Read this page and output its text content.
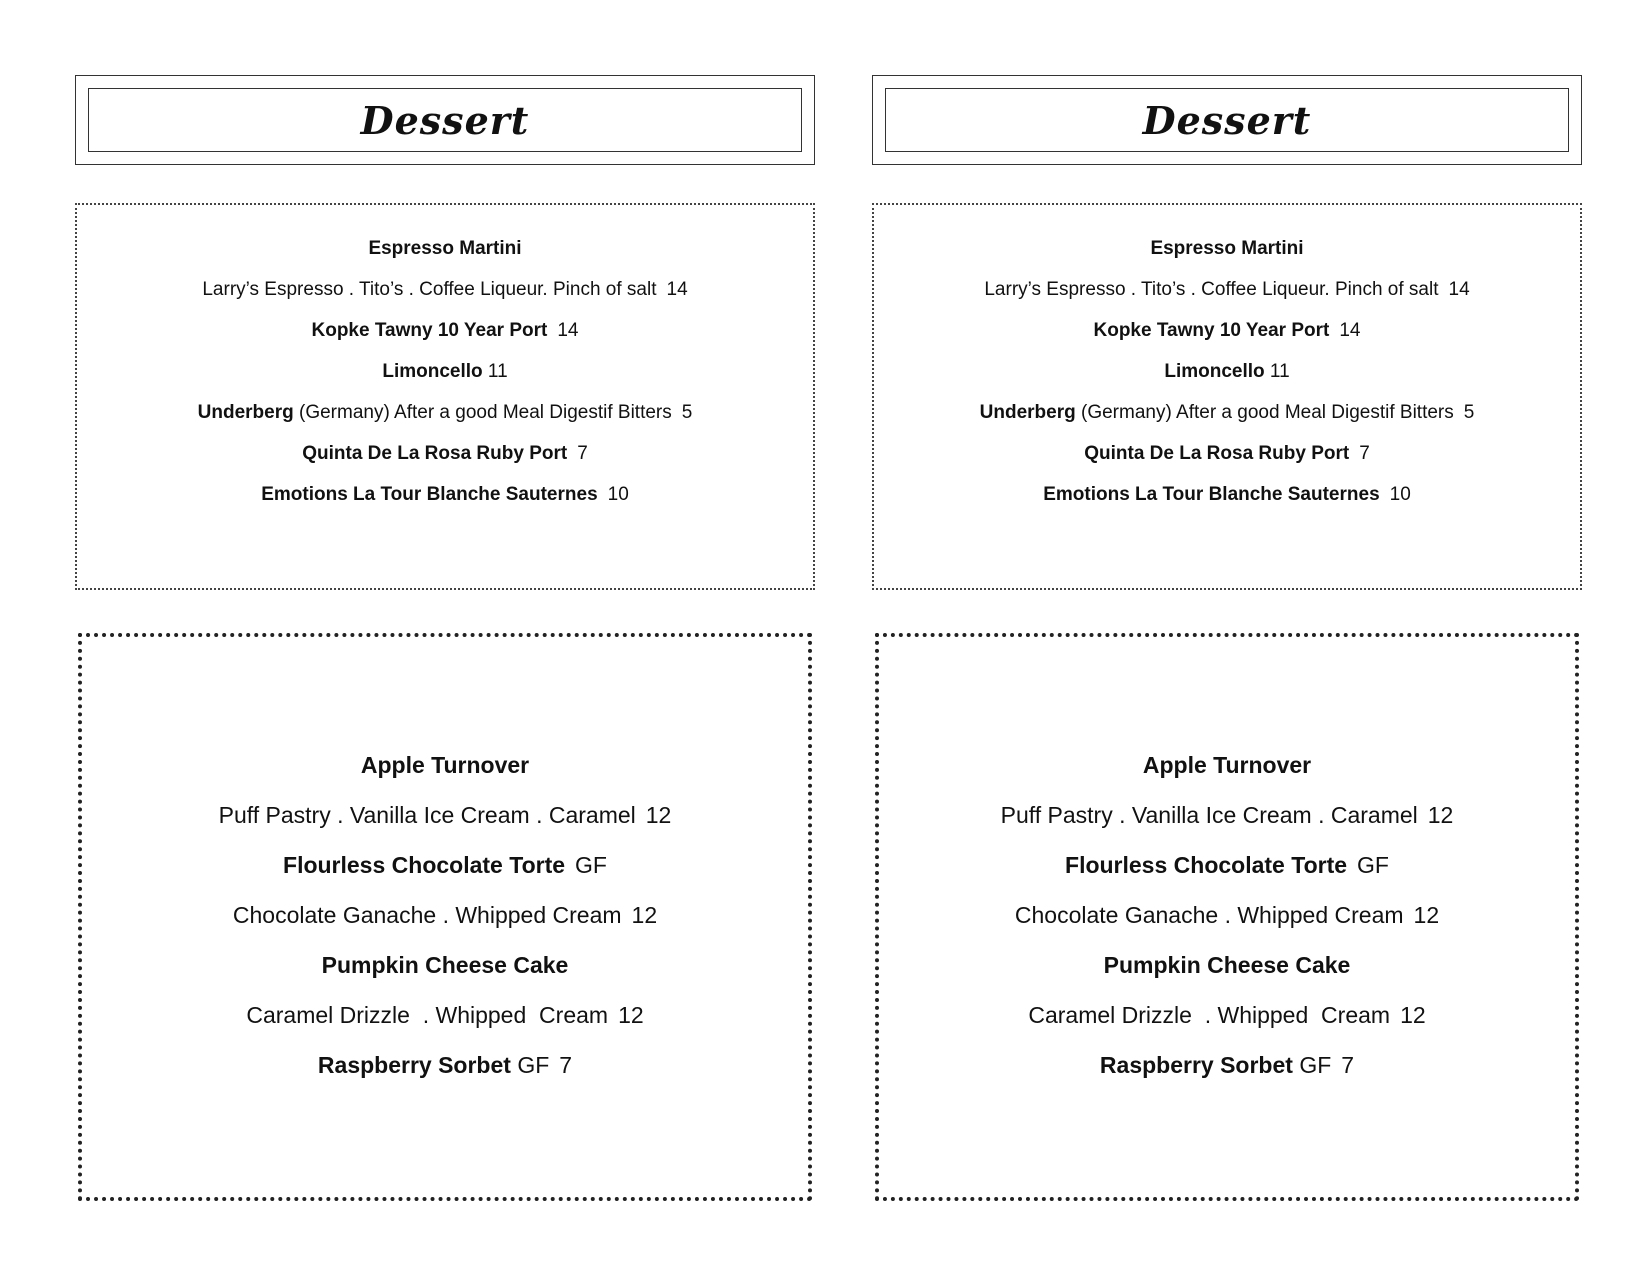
Dessert
Espresso Martini
Larry’s Espresso . Tito’s . Coffee Liqueur. Pinch of salt 14
Kopke Tawny 10 Year Port 14
Limoncello 11
Underberg (Germany) After a good Meal Digestif Bitters 5
Quinta De La Rosa Ruby Port 7
Emotions La Tour Blanche Sauternes 10
Apple Turnover
Puff Pastry . Vanilla Ice Cream . Caramel 12
Flourless Chocolate Torte GF
Chocolate Ganache . Whipped Cream 12
Pumpkin Cheese Cake
Caramel Drizzle  . Whipped  Cream 12
Raspberry Sorbet GF 7
Dessert
Espresso Martini
Larry’s Espresso . Tito’s . Coffee Liqueur. Pinch of salt 14
Kopke Tawny 10 Year Port 14
Limoncello 11
Underberg (Germany) After a good Meal Digestif Bitters 5
Quinta De La Rosa Ruby Port 7
Emotions La Tour Blanche Sauternes 10
Apple Turnover
Puff Pastry . Vanilla Ice Cream . Caramel 12
Flourless Chocolate Torte GF
Chocolate Ganache . Whipped Cream 12
Pumpkin Cheese Cake
Caramel Drizzle  . Whipped  Cream 12
Raspberry Sorbet GF 7
